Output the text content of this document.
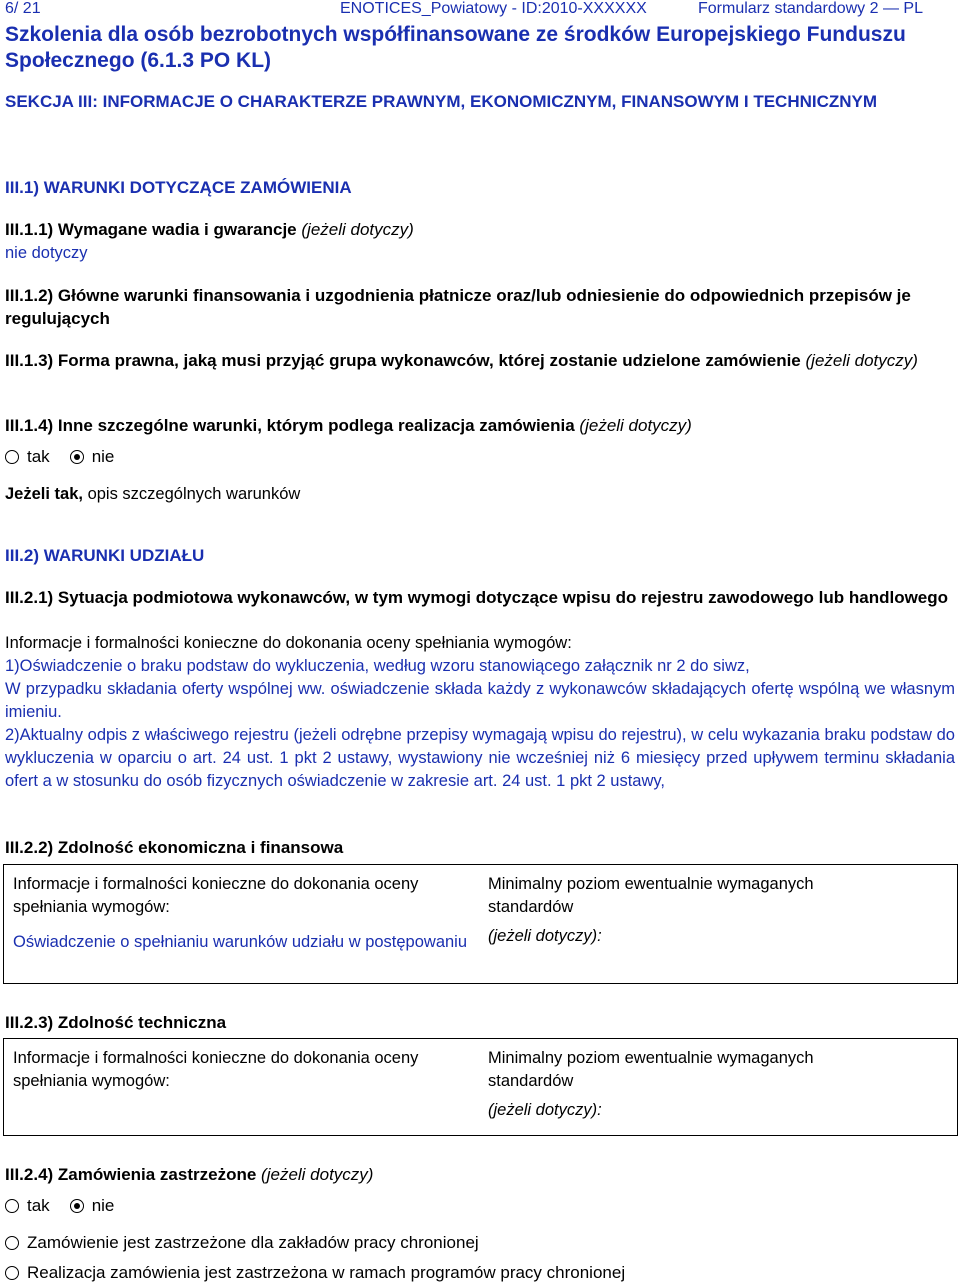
6/ 21	ENOTICES_Powiatowy - ID:2010-XXXXXX	Formularz standardowy 2 — PL
Szkolenia dla osób bezrobotnych współfinansowane ze środków Europejskiego Funduszu Społecznego (6.1.3 PO KL)
SEKCJA III: INFORMACJE O CHARAKTERZE PRAWNYM, EKONOMICZNYM, FINANSOWYM I TECHNICZNYM
III.1) WARUNKI DOTYCZĄCE ZAMÓWIENIA
III.1.1) Wymagane wadia i gwarancje (jeżeli dotyczy)
nie dotyczy
III.1.2) Główne warunki finansowania i uzgodnienia płatnicze oraz/lub odniesienie do odpowiednich przepisów je regulujących
III.1.3) Forma prawna, jaką musi przyjąć grupa wykonawców, której zostanie udzielone zamówienie (jeżeli dotyczy)
III.1.4) Inne szczególne warunki, którym podlega realizacja zamówienia (jeżeli dotyczy)
tak nie
Jeżeli tak, opis szczególnych warunków
III.2) WARUNKI UDZIAŁU
III.2.1) Sytuacja podmiotowa wykonawców, w tym wymogi dotyczące wpisu do rejestru zawodowego lub handlowego
Informacje i formalności konieczne do dokonania oceny spełniania wymogów:
1)Oświadczenie o braku podstaw do wykluczenia, według wzoru stanowiącego załącznik nr 2 do siwz,
W przypadku składania oferty wspólnej ww. oświadczenie składa każdy z wykonawców składających ofertę wspólną we własnym imieniu.
2)Aktualny odpis z właściwego rejestru (jeżeli odrębne przepisy wymagają wpisu do rejestru), w celu wykazania braku podstaw do wykluczenia w oparciu o art. 24 ust. 1 pkt 2 ustawy, wystawiony nie wcześniej niż 6 miesięcy przed upływem terminu składania ofert a w stosunku do osób fizycznych oświadczenie w zakresie art. 24 ust. 1 pkt 2 ustawy,
III.2.2) Zdolność ekonomiczna i finansowa
Informacje i formalności konieczne do dokonania oceny spełniania wymogów:
Oświadczenie o spełnianiu warunków udziału w postępowaniu
Minimalny poziom ewentualnie wymaganych standardów
(jeżeli dotyczy):
III.2.3) Zdolność techniczna
Informacje i formalności konieczne do dokonania oceny spełniania wymogów:
Minimalny poziom ewentualnie wymaganych standardów
(jeżeli dotyczy):
III.2.4) Zamówienia zastrzeżone (jeżeli dotyczy)
tak nie
Zamówienie jest zastrzeżone dla zakładów pracy chronionej
Realizacja zamówienia jest zastrzeżona w ramach programów pracy chronionej
